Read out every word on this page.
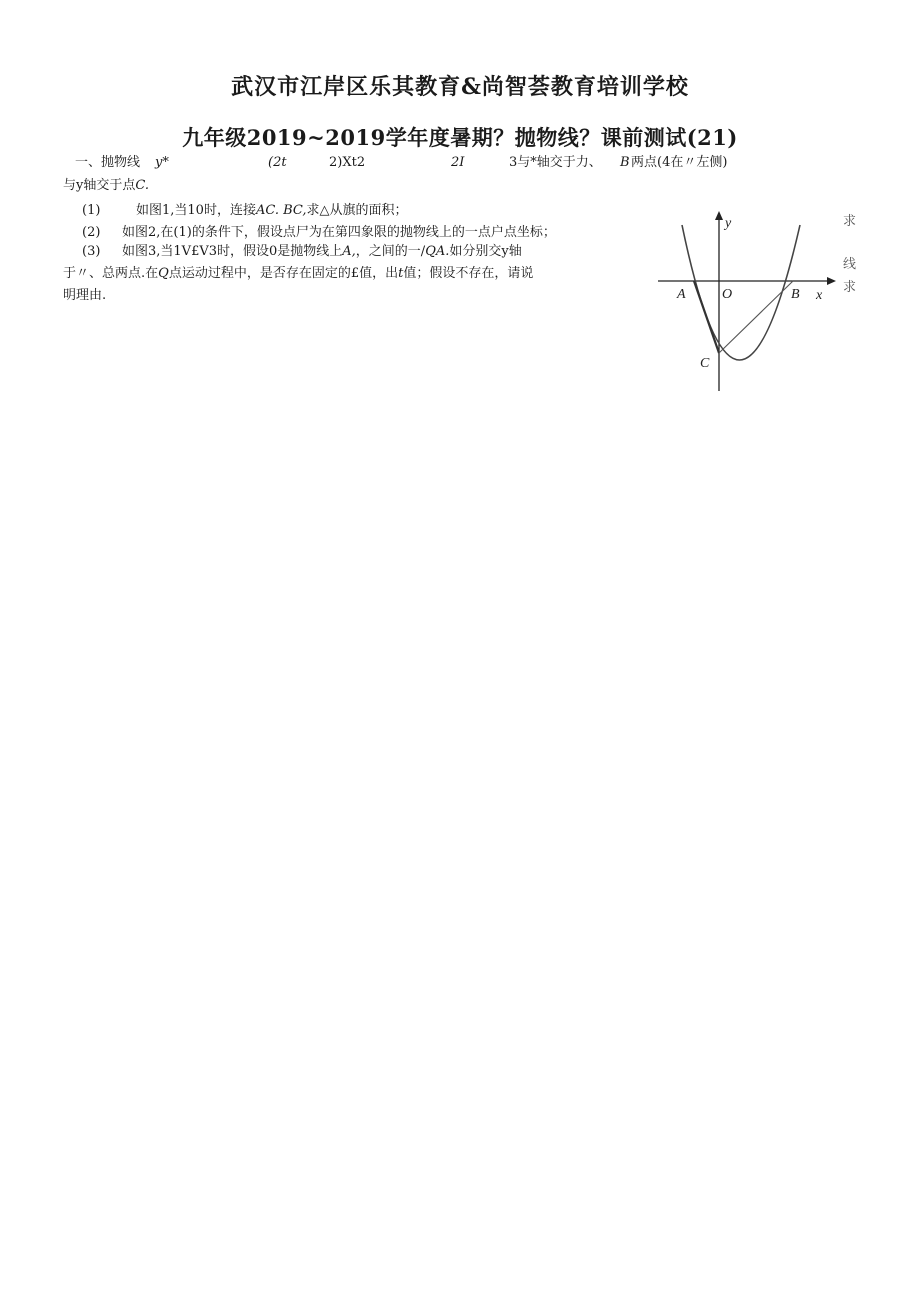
武汉市江岸区乐其教育&尚智荟教育培训学校
九年级2019~2019学年度暑期？抛物线？课前测试(21)
一、抛物线 y*	(2t	2)Xt2	2Ⅰ	3与*轴交于力、 B 两点(4在〃左侧)
与y轴交于点C.
(1)	如图1,当10时，连接AC. BC,求△从旗的面积；
(2) 如图2,在(1)的条件下，假设点尸为在第四象限的抛物线上的一点户点坐标；
(3) 如图3,当1V£V3时，假设0是抛物线上A,，之间的一/QA.如分别交y轴
于〃、总两点.在Q点运动过程中，是否存在固定的£值，出t值；假设不存在，请说
明理由.
y
x
A	O	B
C
求
线
求
